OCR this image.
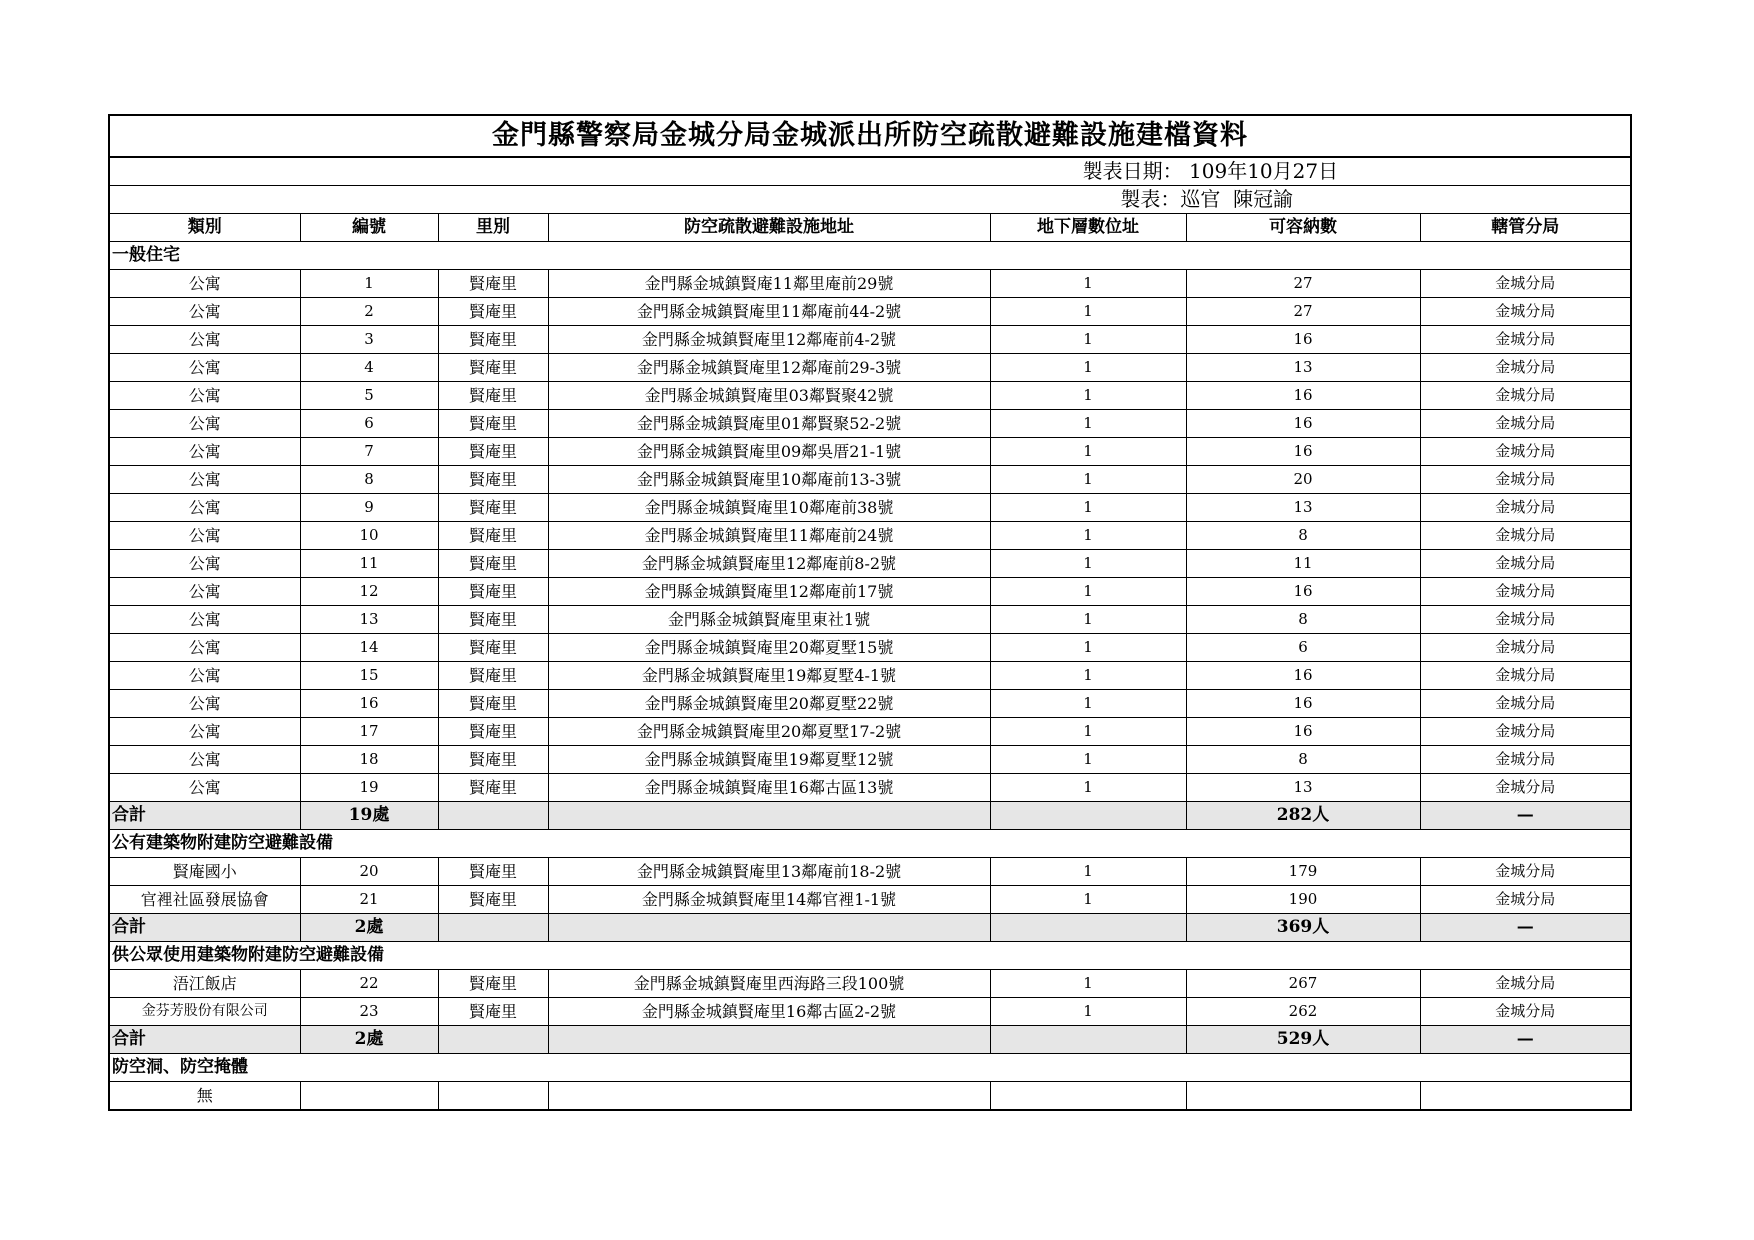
金門縣警察局金城分局金城派出所防空疏散避難設施建檔資料						
製表日期： 109年10月27日						
製表：巡官  陳冠諭						
類別	編號	里別	防空疏散避難設施地址	地下層數位址	可容納數	轄管分局
一般住宅						
公寓	1	賢庵里	金門縣金城鎮賢庵11鄰里庵前29號	1	27	金城分局
公寓	2	賢庵里	金門縣金城鎮賢庵里11鄰庵前44-2號	1	27	金城分局
公寓	3	賢庵里	金門縣金城鎮賢庵里12鄰庵前4-2號	1	16	金城分局
公寓	4	賢庵里	金門縣金城鎮賢庵里12鄰庵前29-3號	1	13	金城分局
公寓	5	賢庵里	金門縣金城鎮賢庵里03鄰賢聚42號	1	16	金城分局
公寓	6	賢庵里	金門縣金城鎮賢庵里01鄰賢聚52-2號	1	16	金城分局
公寓	7	賢庵里	金門縣金城鎮賢庵里09鄰吳厝21-1號	1	16	金城分局
公寓	8	賢庵里	金門縣金城鎮賢庵里10鄰庵前13-3號	1	20	金城分局
公寓	9	賢庵里	金門縣金城鎮賢庵里10鄰庵前38號	1	13	金城分局
公寓	10	賢庵里	金門縣金城鎮賢庵里11鄰庵前24號	1	8	金城分局
公寓	11	賢庵里	金門縣金城鎮賢庵里12鄰庵前8-2號	1	11	金城分局
公寓	12	賢庵里	金門縣金城鎮賢庵里12鄰庵前17號	1	16	金城分局
公寓	13	賢庵里	金門縣金城鎮賢庵里東社1號	1	8	金城分局
公寓	14	賢庵里	金門縣金城鎮賢庵里20鄰夏墅15號	1	6	金城分局
公寓	15	賢庵里	金門縣金城鎮賢庵里19鄰夏墅4-1號	1	16	金城分局
公寓	16	賢庵里	金門縣金城鎮賢庵里20鄰夏墅22號	1	16	金城分局
公寓	17	賢庵里	金門縣金城鎮賢庵里20鄰夏墅17-2號	1	16	金城分局
公寓	18	賢庵里	金門縣金城鎮賢庵里19鄰夏墅12號	1	8	金城分局
公寓	19	賢庵里	金門縣金城鎮賢庵里16鄰古區13號	1	13	金城分局
合計	19處				282人	—
公有建築物附建防空避難設備						
賢庵國小	20	賢庵里	金門縣金城鎮賢庵里13鄰庵前18-2號	1	179	金城分局
官裡社區發展協會	21	賢庵里	金門縣金城鎮賢庵里14鄰官裡1-1號	1	190	金城分局
合計	2處				369人	—
供公眾使用建築物附建防空避難設備						
浯江飯店	22	賢庵里	金門縣金城鎮賢庵里西海路三段100號	1	267	金城分局
金芬芳股份有限公司	23	賢庵里	金門縣金城鎮賢庵里16鄰古區2-2號	1	262	金城分局
合計	2處				529人	—
防空洞、防空掩體						
無						
